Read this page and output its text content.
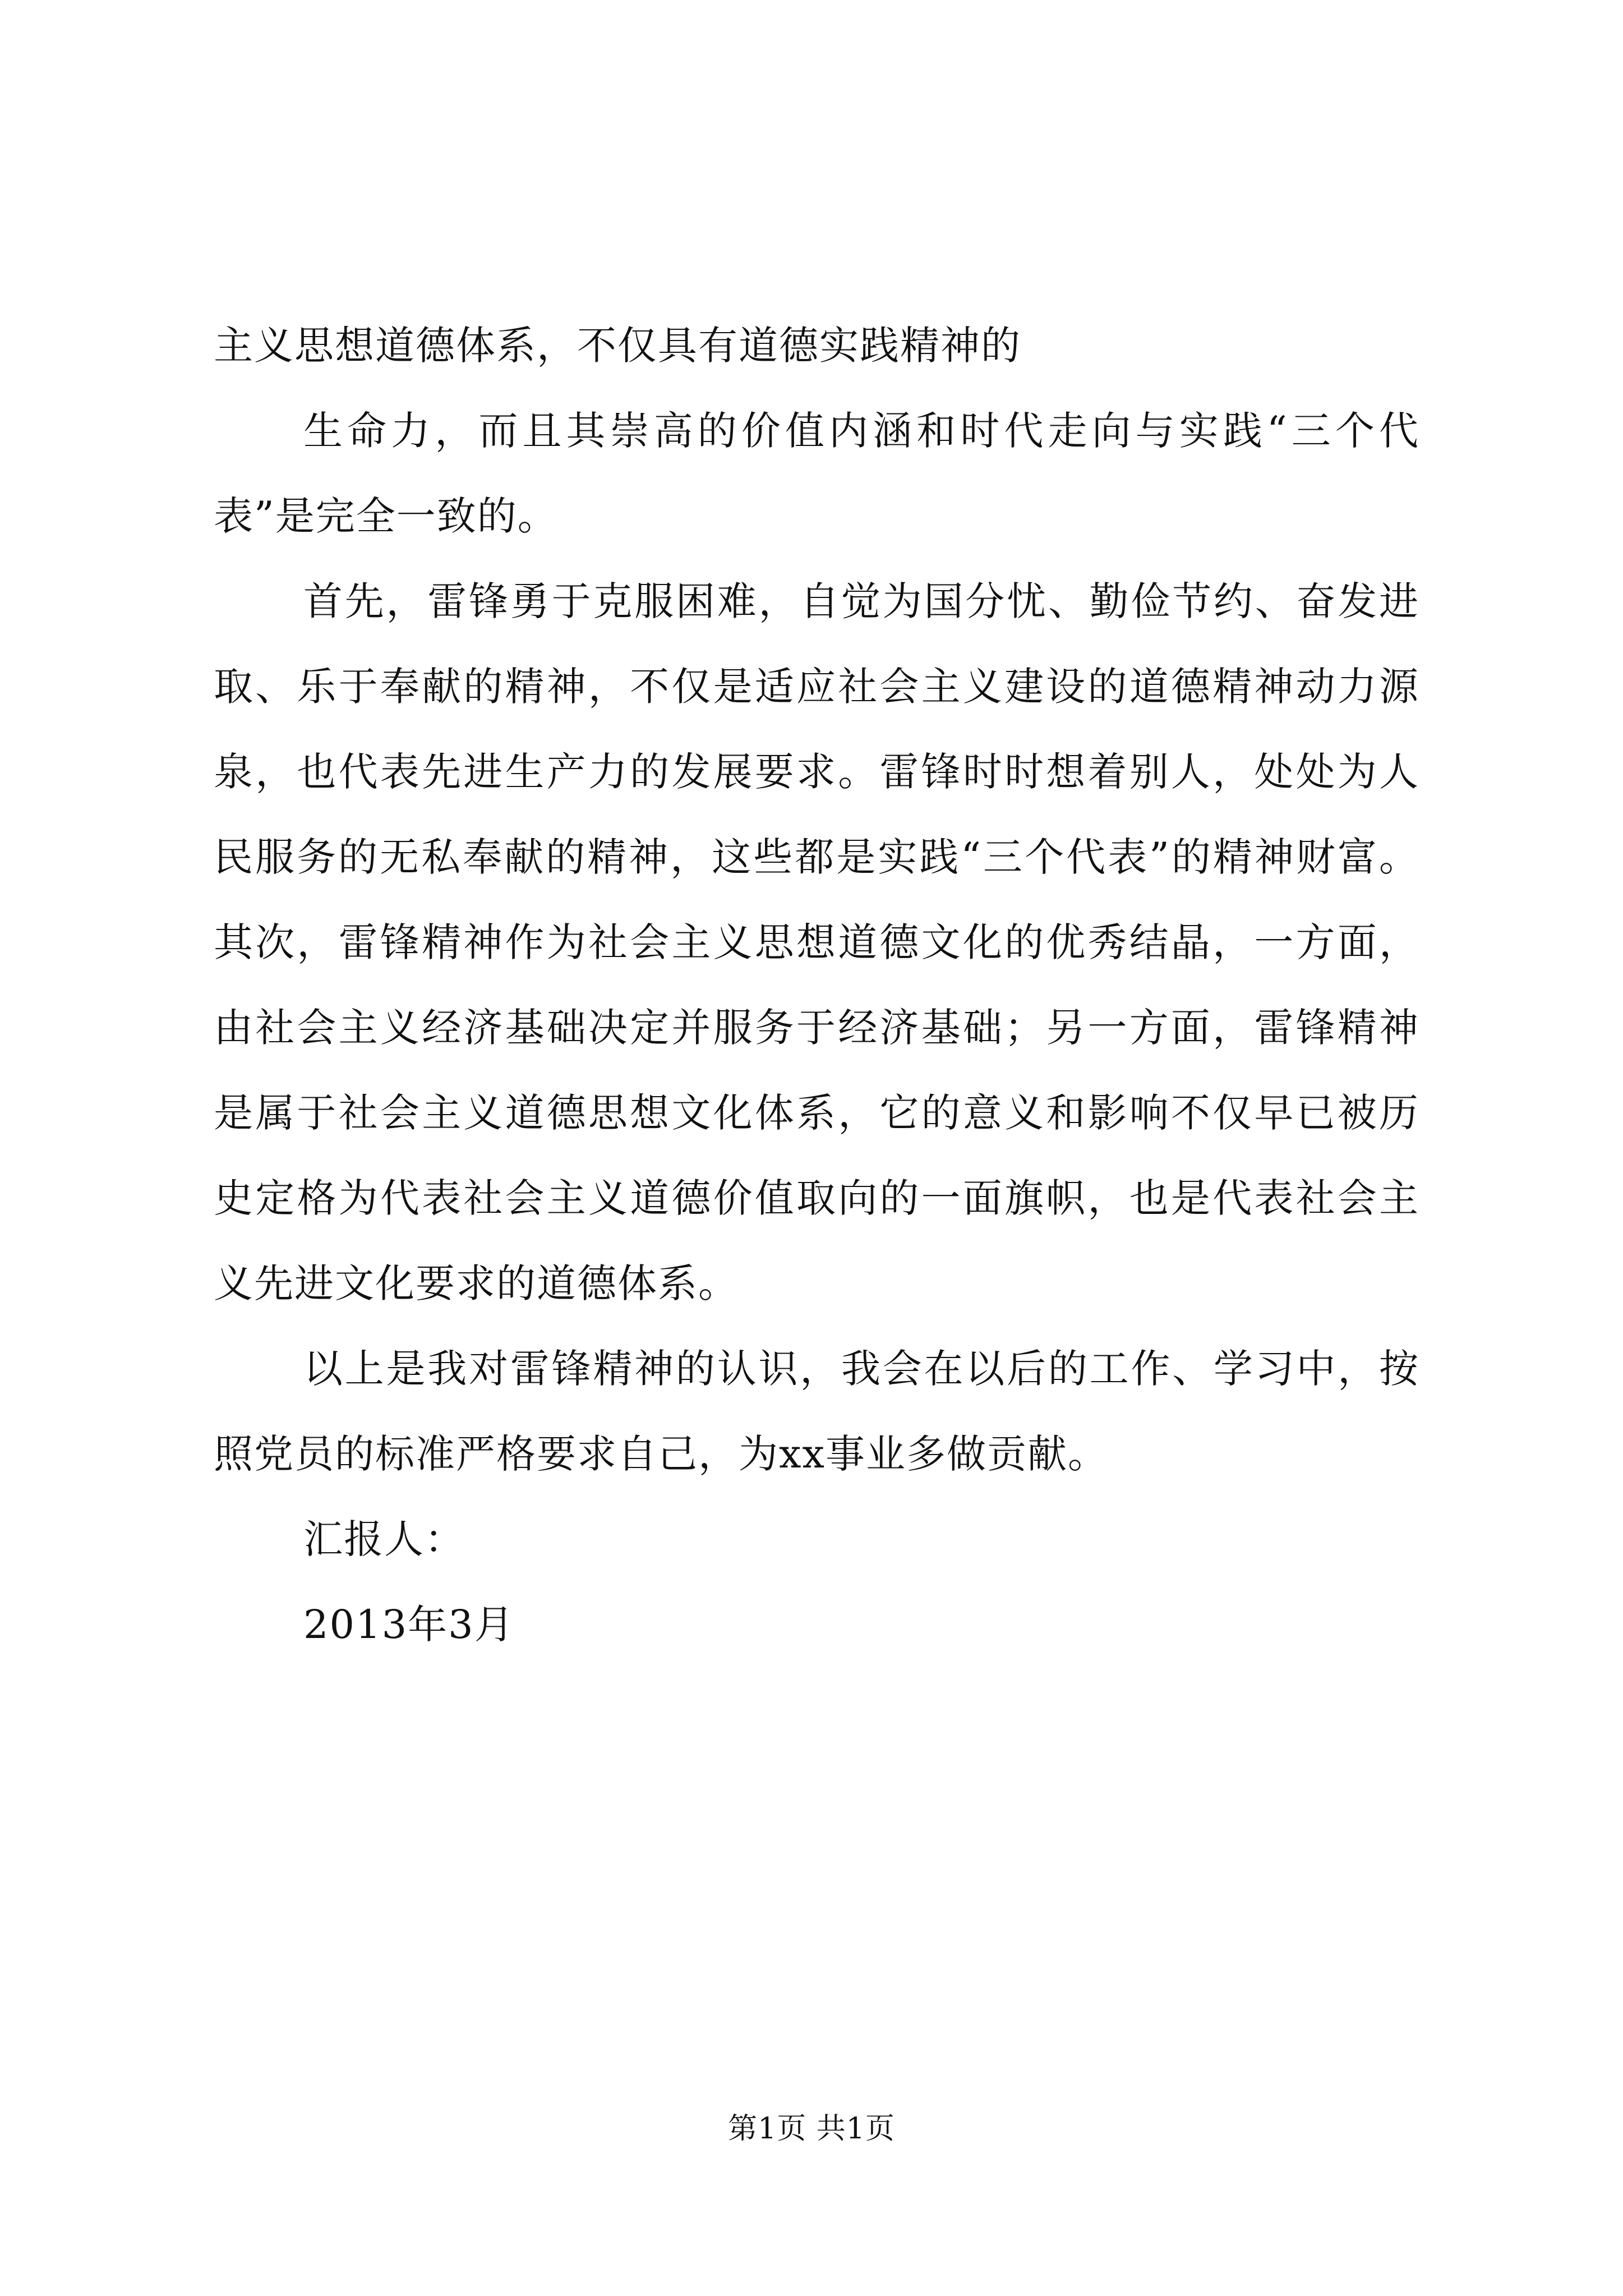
主义思想道德体系，不仅具有道德实践精神的

生命力，而且其崇高的价值内涵和时代走向与实践“三个代表”是完全一致的。

首先，雷锋勇于克服困难，自觉为国分忧、勤俭节约、奋发进取、乐于奉献的精神，不仅是适应社会主义建设的道德精神动力源泉，也代表先进生产力的发展要求。雷锋时时想着别人，处处为人民服务的无私奉献的精神，这些都是实践“三个代表”的精神财富。其次，雷锋精神作为社会主义思想道德文化的优秀结晶，一方面，由社会主义经济基础决定并服务于经济基础；另一方面，雷锋精神是属于社会主义道德思想文化体系，它的意义和影响不仅早已被历史定格为代表社会主义道德价值取向的一面旗帜，也是代表社会主义先进文化要求的道德体系。

以上是我对雷锋精神的认识，我会在以后的工作、学习中，按照党员的标准严格要求自己，为xx事业多做贡献。

汇报人：

2013年3月

第1页 共1页
